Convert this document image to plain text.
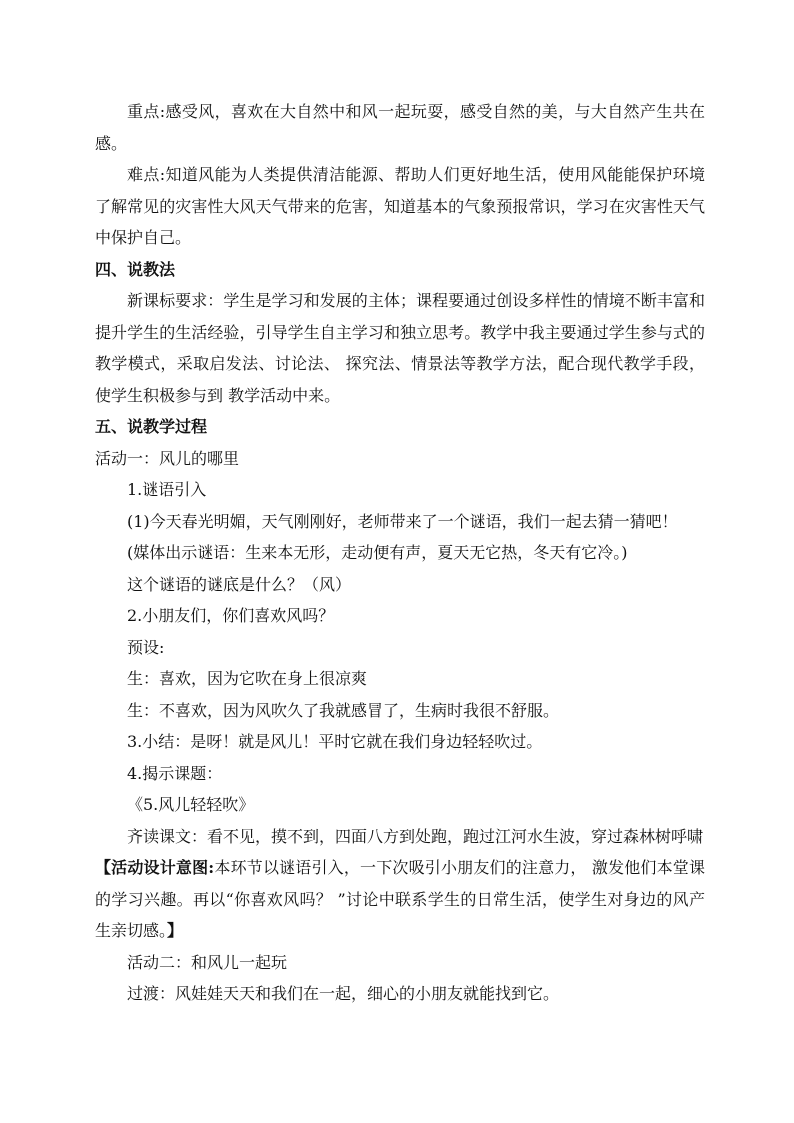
重点:感受风，喜欢在大自然中和风一起玩耍，感受自然的美，与大自然产生共在感。

难点:知道风能为人类提供清洁能源、帮助人们更好地生活，使用风能能保护环境了解常见的灾害性大风天气带来的危害，知道基本的气象预报常识，学习在灾害性天气中保护自己。

四、说教法

新课标要求：学生是学习和发展的主体；课程要通过创设多样性的情境不断丰富和提升学生的生活经验，引导学生自主学习和独立思考。教学中我主要通过学生参与式的教学模式，采取启发法、讨论法、 探究法、情景法等教学方法，配合现代教学手段，使学生积极参与到 教学活动中来。

五、说教学过程

活动一：风儿的哪里

1.谜语引入

(1)今天春光明媚，天气刚刚好，老师带来了一个谜语，我们一起去猜一猜吧！

(媒体出示谜语：生来本无形，走动便有声，夏天无它热，冬天有它冷。)

这个谜语的谜底是什么？（风）

2.小朋友们，你们喜欢风吗？

预设:

生：喜欢，因为它吹在身上很凉爽

生：不喜欢，因为风吹久了我就感冒了，生病时我很不舒服。

3.小结：是呀！就是风儿！平时它就在我们身边轻轻吹过。

4.揭示课题：

《5.风儿轻轻吹》

齐读课文：看不见，摸不到，四面八方到处跑，跑过江河水生波，穿过森林树呼啸

【活动设计意图:本环节以谜语引入，一下次吸引小朋友们的注意力， 激发他们本堂课的学习兴趣。再以“你喜欢风吗？ ”讨论中联系学生的日常生活，使学生对身边的风产生亲切感。】

活动二：和风儿一起玩

过渡：风娃娃天天和我们在一起，细心的小朋友就能找到它。
